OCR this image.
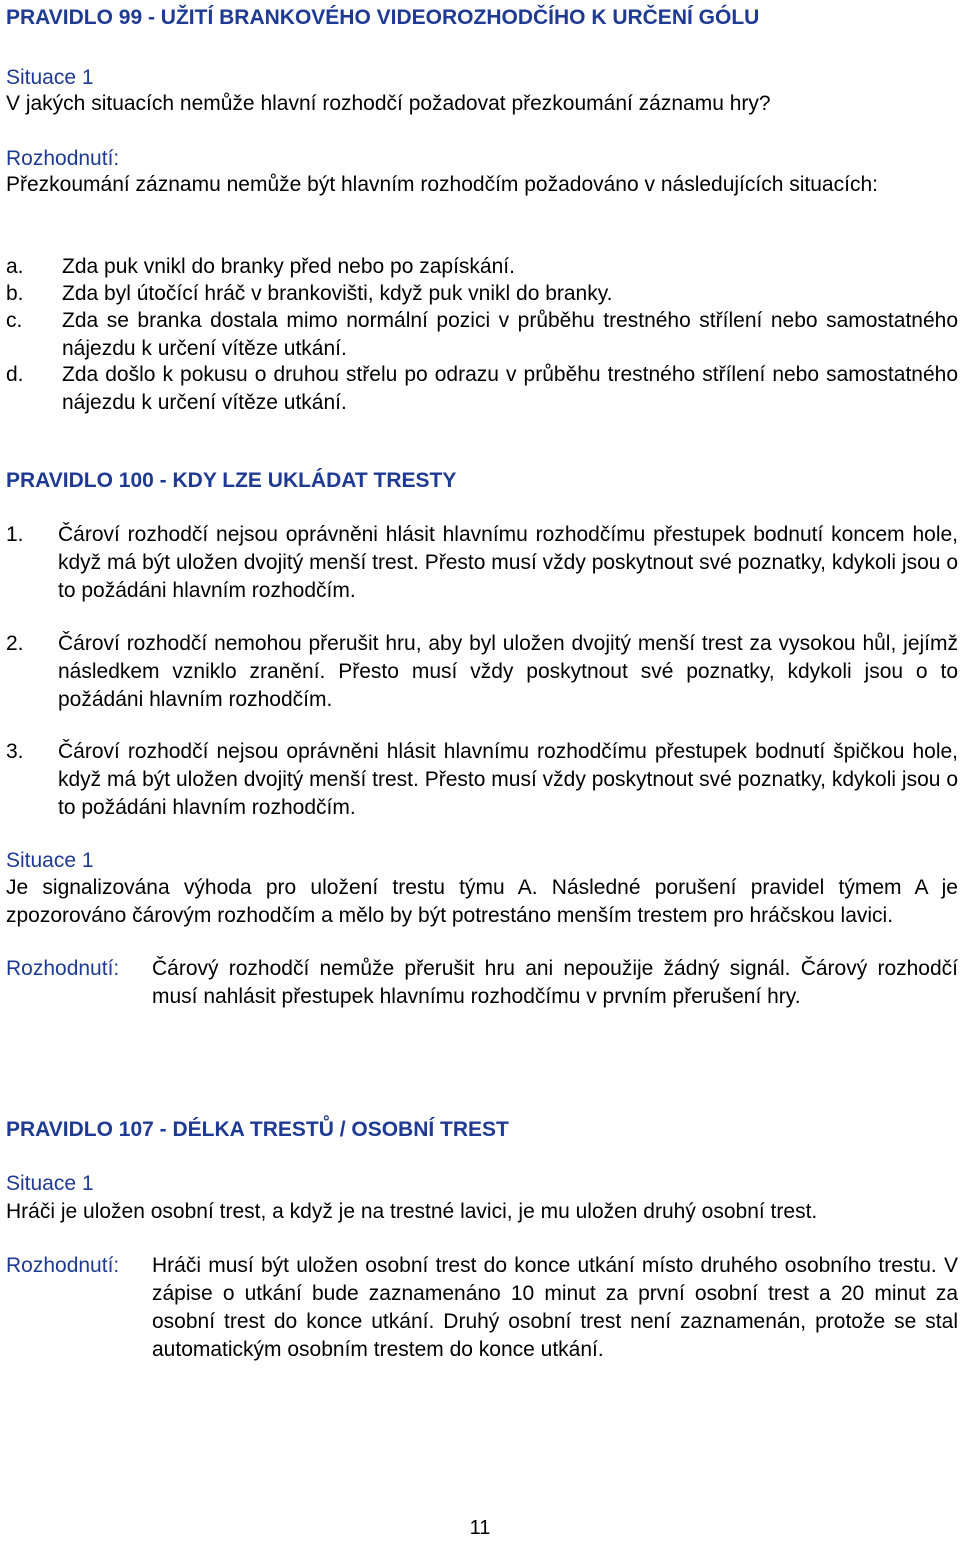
PRAVIDLO 99 - UŽITÍ BRANKOVÉHO VIDEOROZHODČÍHO K URČENÍ GÓLU
Situace 1
V jakých situacích nemůže hlavní rozhodčí požadovat přezkoumání záznamu hry?
Rozhodnutí:
Přezkoumání záznamu nemůže být hlavním rozhodčím požadováno v následujících situacích:
a.	Zda puk vnikl do branky před nebo po zapískání.
b.	Zda byl útočící hráč v brankovišti, když puk vnikl do branky.
c.	Zda se branka dostala mimo normální pozici v průběhu trestného střílení nebo samostatného nájezdu k určení vítěze utkání.
d.	Zda došlo k pokusu o druhou střelu po odrazu v průběhu trestného střílení nebo samostatného nájezdu k určení vítěze utkání.
PRAVIDLO 100 - KDY LZE UKLÁDAT TRESTY
1.	Čároví rozhodčí nejsou oprávněni hlásit hlavnímu rozhodčímu přestupek bodnutí koncem hole, když má být uložen dvojitý menší trest. Přesto musí vždy poskytnout své poznatky, kdykoli jsou o to požádáni hlavním rozhodčím.
2.	Čároví rozhodčí nemohou přerušit hru, aby byl uložen dvojitý menší trest za vysokou hůl, jejímž následkem vzniklo zranění. Přesto musí vždy poskytnout své poznatky, kdykoli jsou o to požádáni hlavním rozhodčím.
3.	Čároví rozhodčí nejsou oprávněni hlásit hlavnímu rozhodčímu přestupek bodnutí špičkou hole, když má být uložen dvojitý menší trest. Přesto musí vždy poskytnout své poznatky, kdykoli jsou o to požádáni hlavním rozhodčím.
Situace 1
Je signalizována výhoda pro uložení trestu týmu A. Následné porušení pravidel týmem A je zpozorováno čárovým rozhodčím a mělo by být potrestáno menším trestem pro hráčskou lavici.
Rozhodnutí: Čárový rozhodčí nemůže přerušit hru ani nepoužije žádný signál. Čárový rozhodčí musí nahlásit přestupek hlavnímu rozhodčímu v prvním přerušení hry.
PRAVIDLO 107 - DÉLKA TRESTŮ / OSOBNÍ TREST
Situace 1
Hráči je uložen osobní trest, a když je na trestné lavici, je mu uložen druhý osobní trest.
Rozhodnutí: Hráči musí být uložen osobní trest do konce utkání místo druhého osobního trestu. V zápise o utkání bude zaznamenáno 10 minut za první osobní trest a 20 minut za osobní trest do konce utkání. Druhý osobní trest není zaznamenán, protože se stal automatickým osobním trestem do konce utkání.
11
